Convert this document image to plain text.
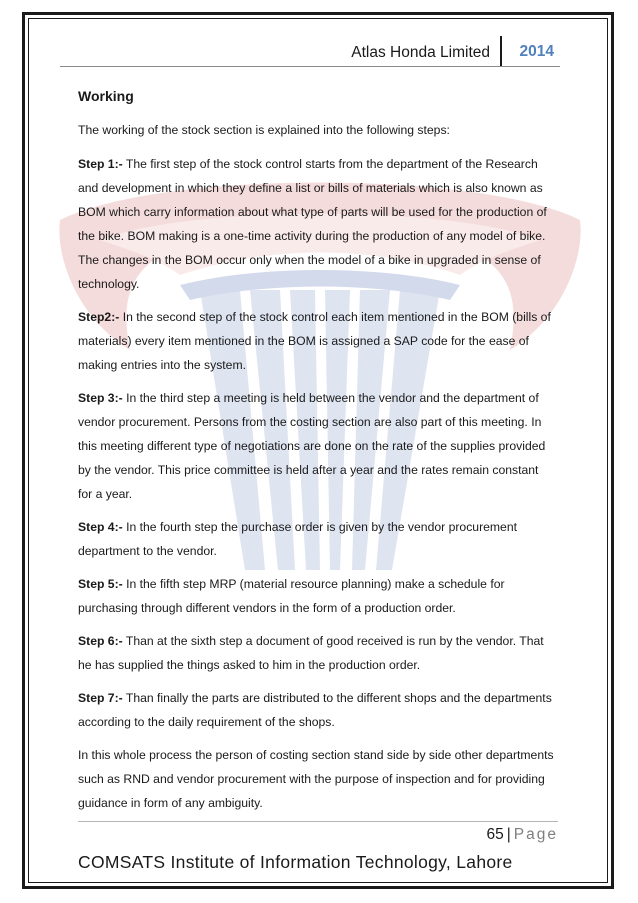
Atlas Honda Limited 2014
Working

The working of the stock section is explained into the following steps:

Step 1:- The first step of the stock control starts from the department of the Research and development in which they define a list or bills of materials which is also known as BOM which carry information about what type of parts will be used for the production of the bike. BOM making is a one-time activity during the production of any model of bike. The changes in the BOM occur only when the model of a bike in upgraded in sense of technology.

Step2:- In the second step of the stock control each item mentioned in the BOM (bills of materials) every item mentioned in the BOM is assigned a SAP code for the ease of making entries into the system.

Step 3:- In the third step a meeting is held between the vendor and the department of vendor procurement. Persons from the costing section are also part of this meeting. In this meeting different type of negotiations are done on the rate of the supplies provided by the vendor. This price committee is held after a year and the rates remain constant for a year.

Step 4:- In the fourth step the purchase order is given by the vendor procurement department to the vendor.

Step 5:- In the fifth step MRP (material resource planning) make a schedule for purchasing through different vendors in the form of a production order.

Step 6:- Than at the sixth step a document of good received is run by the vendor. That he has supplied the things asked to him in the production order.

Step 7:- Than finally the parts are distributed to the different shops and the departments according to the daily requirement of the shops.

In this whole process the person of costing section stand side by side other departments such as RND and vendor procurement with the purpose of inspection and for providing guidance in form of any ambiguity.

65 | Page
COMSATS Institute of Information Technology, Lahore
